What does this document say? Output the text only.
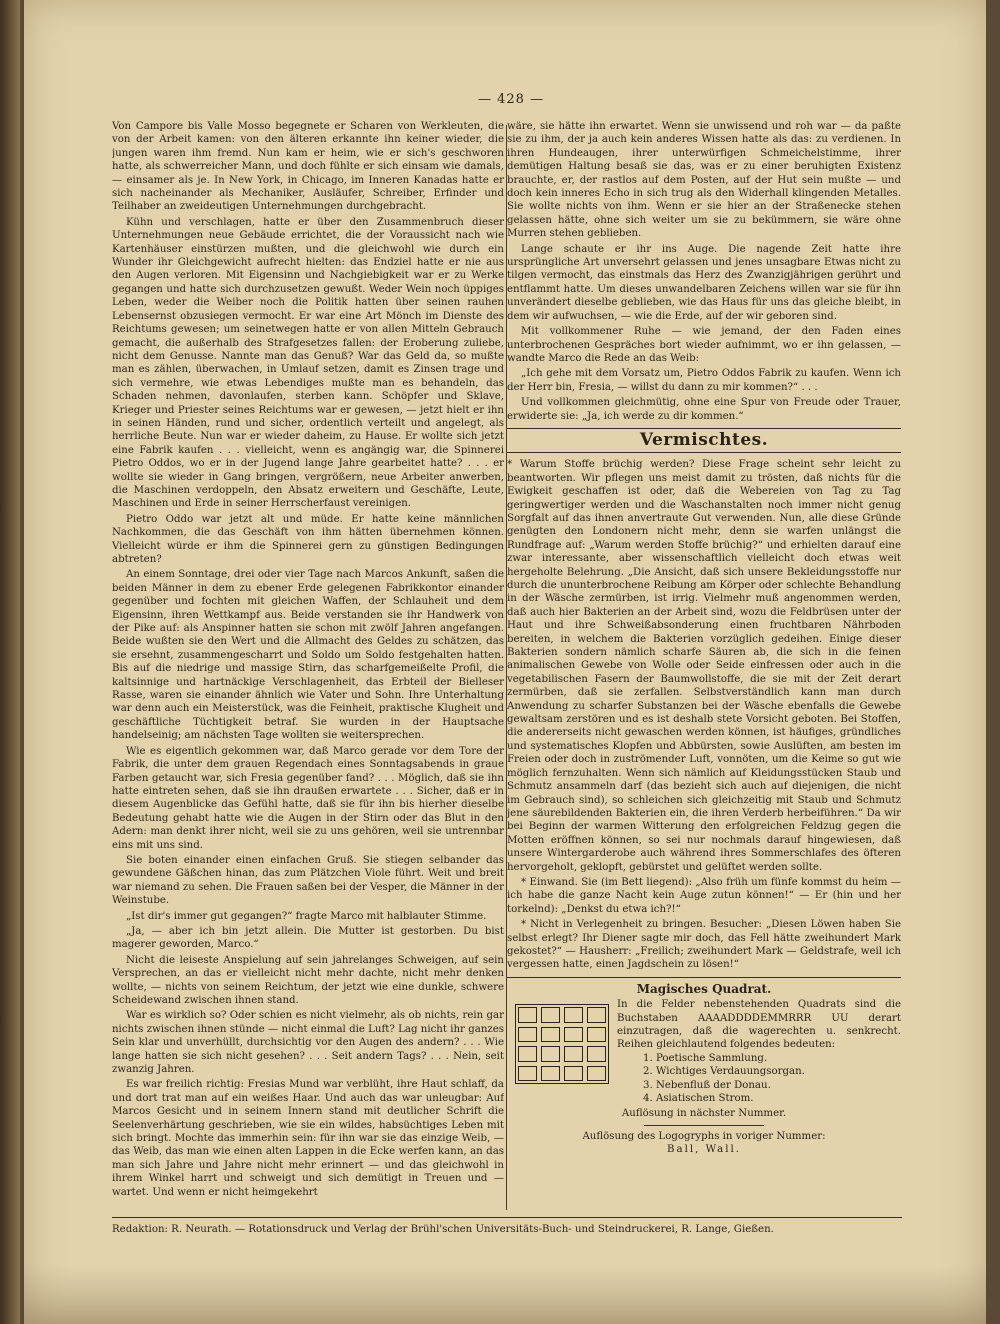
— 428 —

Von Campore bis Valle Mosso begegnete er Scharen von Werkleuten, die von der Arbeit kamen: von den älteren erkannte ihn keiner wieder, die jungen waren ihm fremd. Nun kam er heim, wie er sich's geschworen hatte, als schwerreicher Mann, und doch fühlte er sich einsam wie damals, — einsamer als je. In New York, in Chicago, im Inneren Kanadas hatte er sich nacheinander als Mechaniker, Ausläufer, Schreiber, Erfinder und Teilhaber an zweideutigen Unternehmungen durchgebracht.

Kühn und verschlagen, hatte er über den Zusammenbruch dieser Unternehmungen neue Gebäude errichtet, die der Voraussicht nach wie Kartenhäuser einstürzen mußten, und die gleichwohl wie durch ein Wunder ihr Gleichgewicht aufrecht hielten: das Endziel hatte er nie aus den Augen verloren. Mit Eigensinn und Nachgiebigkeit war er zu Werke gegangen und hatte sich durchzusetzen gewußt. Weder Wein noch üppiges Leben, weder die Weiber noch die Politik hatten über seinen rauhen Lebensernst obzusiegen vermocht. Er war eine Art Mönch im Dienste des Reichtums gewesen; um seinetwegen hatte er von allen Mitteln Gebrauch gemacht, die außerhalb des Strafgesetzes fallen: der Eroberung zuliebe, nicht dem Genusse. Nannte man das Genuß? War das Geld da, so mußte man es zählen, überwachen, in Umlauf setzen, damit es Zinsen trage und sich vermehre, wie etwas Lebendiges mußte man es behandeln, das Schaden nehmen, davonlaufen, sterben kann. Schöpfer und Sklave, Krieger und Priester seines Reichtums war er gewesen, — jetzt hielt er ihn in seinen Händen, rund und sicher, ordentlich verteilt und angelegt, als herrliche Beute. Nun war er wieder daheim, zu Hause. Er wollte sich jetzt eine Fabrik kaufen . . . vielleicht, wenn es angängig war, die Spinnerei Pietro Oddos, wo er in der Jugend lange Jahre gearbeitet hatte? . . . er wollte sie wieder in Gang bringen, vergrößern, neue Arbeiter anwerben, die Maschinen verdoppeln, den Absatz erweitern und Geschäfte, Leute, Maschinen und Erde in seiner Herrscherfaust vereinigen.

Pietro Oddo war jetzt alt und müde. Er hatte keine männlichen Nachkommen, die das Geschäft von ihm hätten übernehmen können. Vielleicht würde er ihm die Spinnerei gern zu günstigen Bedingungen abtreten?

An einem Sonntage, drei oder vier Tage nach Marcos Ankunft, saßen die beiden Männer in dem zu ebener Erde gelegenen Fabrikkontor einander gegenüber und fochten mit gleichen Waffen, der Schlauheit und dem Eigensinn, ihren Wettkampf aus. Beide verstanden sie ihr Handwerk von der Pike auf: als Anspinner hatten sie schon mit zwölf Jahren angefangen. Beide wußten sie den Wert und die Allmacht des Geldes zu schätzen, das sie ersehnt, zusammengescharrt und Soldo um Soldo festgehalten hatten. Bis auf die niedrige und massige Stirn, das scharfgemeißelte Profil, die kaltsinnige und hartnäckige Verschlagenheit, das Erbteil der Bielleser Rasse, waren sie einander ähnlich wie Vater und Sohn. Ihre Unterhaltung war denn auch ein Meisterstück, was die Feinheit, praktische Klugheit und geschäftliche Tüchtigkeit betraf. Sie wurden in der Hauptsache handelseinig; am nächsten Tage wollten sie weitersprechen.

Wie es eigentlich gekommen war, daß Marco gerade vor dem Tore der Fabrik, die unter dem grauen Regendach eines Sonntagsabends in graue Farben getaucht war, sich Fresia gegenüber fand? . . . Möglich, daß sie ihn hatte eintreten sehen, daß sie ihn draußen erwartete . . . Sicher, daß er in diesem Augenblicke das Gefühl hatte, daß sie für ihn bis hierher dieselbe Bedeutung gehabt hatte wie die Augen in der Stirn oder das Blut in den Adern: man denkt ihrer nicht, weil sie zu uns gehören, weil sie untrennbar eins mit uns sind.

Sie boten einander einen einfachen Gruß. Sie stiegen selbander das gewundene Gäßchen hinan, das zum Plätzchen Viole führt. Weit und breit war niemand zu sehen. Die Frauen saßen bei der Vesper, die Männer in der Weinstube.

„Ist dir's immer gut gegangen?“ fragte Marco mit halblauter Stimme.

„Ja, — aber ich bin jetzt allein. Die Mutter ist gestorben. Du bist magerer geworden, Marco.“

Nicht die leiseste Anspielung auf sein jahrelanges Schweigen, auf sein Versprechen, an das er vielleicht nicht mehr dachte, nicht mehr denken wollte, — nichts von seinem Reichtum, der jetzt wie eine dunkle, schwere Scheidewand zwischen ihnen stand.

War es wirklich so? Oder schien es nicht vielmehr, als ob nichts, rein gar nichts zwischen ihnen stünde — nicht einmal die Luft? Lag nicht ihr ganzes Sein klar und unverhüllt, durchsichtig vor den Augen des andern? . . . Wie lange hatten sie sich nicht gesehen? . . . Seit andern Tags? . . . Nein, seit zwanzig Jahren.

Es war freilich richtig: Fresias Mund war verblüht, ihre Haut schlaff, da und dort trat man auf ein weißes Haar. Und auch das war unleugbar: Auf Marcos Gesicht und in seinem Innern stand mit deutlicher Schrift die Seelenverhärtung geschrieben, wie sie ein wildes, habsüchtiges Leben mit sich bringt. Mochte das immerhin sein: für ihn war sie das einzige Weib, — das Weib, das man wie einen alten Lappen in die Ecke werfen kann, an das man sich Jahre und Jahre nicht mehr erinnert — und das gleichwohl in ihrem Winkel harrt und schweigt und sich demütigt in Treuen und — wartet. Und wenn er nicht heimgekehrt

wäre, sie hätte ihn erwartet. Wenn sie unwissend und roh war — da paßte sie zu ihm, der ja auch kein anderes Wissen hatte als das: zu verdienen. In ihren Hundeaugen, ihrer unterwürfigen Schmeichelstimme, ihrer demütigen Haltung besaß sie das, was er zu einer beruhigten Existenz brauchte, er, der rastlos auf dem Posten, auf der Hut sein mußte — und doch kein inneres Echo in sich trug als den Widerhall klingenden Metalles. Sie wollte nichts von ihm. Wenn er sie hier an der Straßenecke stehen gelassen hätte, ohne sich weiter um sie zu bekümmern, sie wäre ohne Murren stehen geblieben.

Lange schaute er ihr ins Auge. Die nagende Zeit hatte ihre ursprüngliche Art unversehrt gelassen und jenes unsagbare Etwas nicht zu tilgen vermocht, das einstmals das Herz des Zwanzigjährigen gerührt und entflammt hatte. Um dieses unwandelbaren Zeichens willen war sie für ihn unverändert dieselbe geblieben, wie das Haus für uns das gleiche bleibt, in dem wir aufwuchsen, — wie die Erde, auf der wir geboren sind.

Mit vollkommener Ruhe — wie jemand, der den Faden eines unterbrochenen Gespräches bort wieder aufnimmt, wo er ihn gelassen, — wandte Marco die Rede an das Weib:

„Ich gehe mit dem Vorsatz um, Pietro Oddos Fabrik zu kaufen. Wenn ich der Herr bin, Fresia, — willst du dann zu mir kommen?“ . . .

Und vollkommen gleichmütig, ohne eine Spur von Freude oder Trauer, erwiderte sie: „Ja, ich werde zu dir kommen.“

Vermischtes.

* Warum Stoffe brüchig werden? Diese Frage scheint sehr leicht zu beantworten. Wir pflegen uns meist damit zu trösten, daß nichts für die Ewigkeit geschaffen ist oder, daß die Webereien von Tag zu Tag geringwertiger werden und die Waschanstalten noch immer nicht genug Sorgfalt auf das ihnen anvertraute Gut verwenden. Nun, alle diese Gründe genügten den Londonern nicht mehr, denn sie warfen unlängst die Rundfrage auf: „Warum werden Stoffe brüchig?“ und erhielten darauf eine zwar interessante, aber wissenschaftlich vielleicht doch etwas weit hergeholte Belehrung. „Die Ansicht, daß sich unsere Bekleidungsstoffe nur durch die ununterbrochene Reibung am Körper oder schlechte Behandlung in der Wäsche zermürben, ist irrig. Vielmehr muß angenommen werden, daß auch hier Bakterien an der Arbeit sind, wozu die Feldbrüsen unter der Haut und ihre Schweißabsonderung einen fruchtbaren Nährboden bereiten, in welchem die Bakterien vorzüglich gedeihen. Einige dieser Bakterien sondern nämlich scharfe Säuren ab, die sich in die feinen animalischen Gewebe von Wolle oder Seide einfressen oder auch in die vegetabilischen Fasern der Baumwollstoffe, die sie mit der Zeit derart zermürben, daß sie zerfallen. Selbstverständlich kann man durch Anwendung zu scharfer Substanzen bei der Wäsche ebenfalls die Gewebe gewaltsam zerstören und es ist deshalb stete Vorsicht geboten. Bei Stoffen, die andererseits nicht gewaschen werden können, ist häufiges, gründliches und systematisches Klopfen und Abbürsten, sowie Auslüften, am besten im Freien oder doch in zuströmender Luft, vonnöten, um die Keime so gut wie möglich fernzuhalten. Wenn sich nämlich auf Kleidungsstücken Staub und Schmutz ansammeln darf (das bezieht sich auch auf diejenigen, die nicht im Gebrauch sind), so schleichen sich gleichzeitig mit Staub und Schmutz jene säurebildenden Bakterien ein, die ihren Verderb herbeiführen.“ Da wir bei Beginn der warmen Witterung den erfolgreichen Feldzug gegen die Motten eröffnen können, so sei nur nochmals darauf hingewiesen, daß unsere Wintergarderobe auch während ihres Sommerschlafes des öfteren hervorgeholt, geklopft, gebürstet und gelüftet werden sollte.

* Einwand. Sie (im Bett liegend): „Also früh um fünfe kommst du heim — ich habe die ganze Nacht kein Auge zutun können!“ — Er (hin und her torkelnd): „Denkst du etwa ich?!“

* Nicht in Verlegenheit zu bringen. Besucher: „Diesen Löwen haben Sie selbst erlegt? Ihr Diener sagte mir doch, das Fell hätte zweihundert Mark gekostet?“ — Hausherr: „Freilich; zweihundert Mark — Geldstrafe, weil ich vergessen hatte, einen Jagdschein zu lösen!“

Magisches Quadrat.
In die Felder nebenstehenden Quadrats sind die Buchstaben AAAADDDDEMMRRR UU derart einzutragen, daß die wagerechten u. senkrecht. Reihen gleichlautend folgendes bedeuten:
1. Poetische Sammlung.
2. Wichtiges Verdauungsorgan.
3. Nebenfluß der Donau.
4. Asiatischen Strom.
Auflösung in nächster Nummer.
Auflösung des Logogryphs in voriger Nummer:
Ball, Wall.
Redaktion: R. Neurath. — Rotationsdruck und Verlag der Brühl'schen Universitäts-Buch- und Steindruckerei, R. Lange, Gießen.
